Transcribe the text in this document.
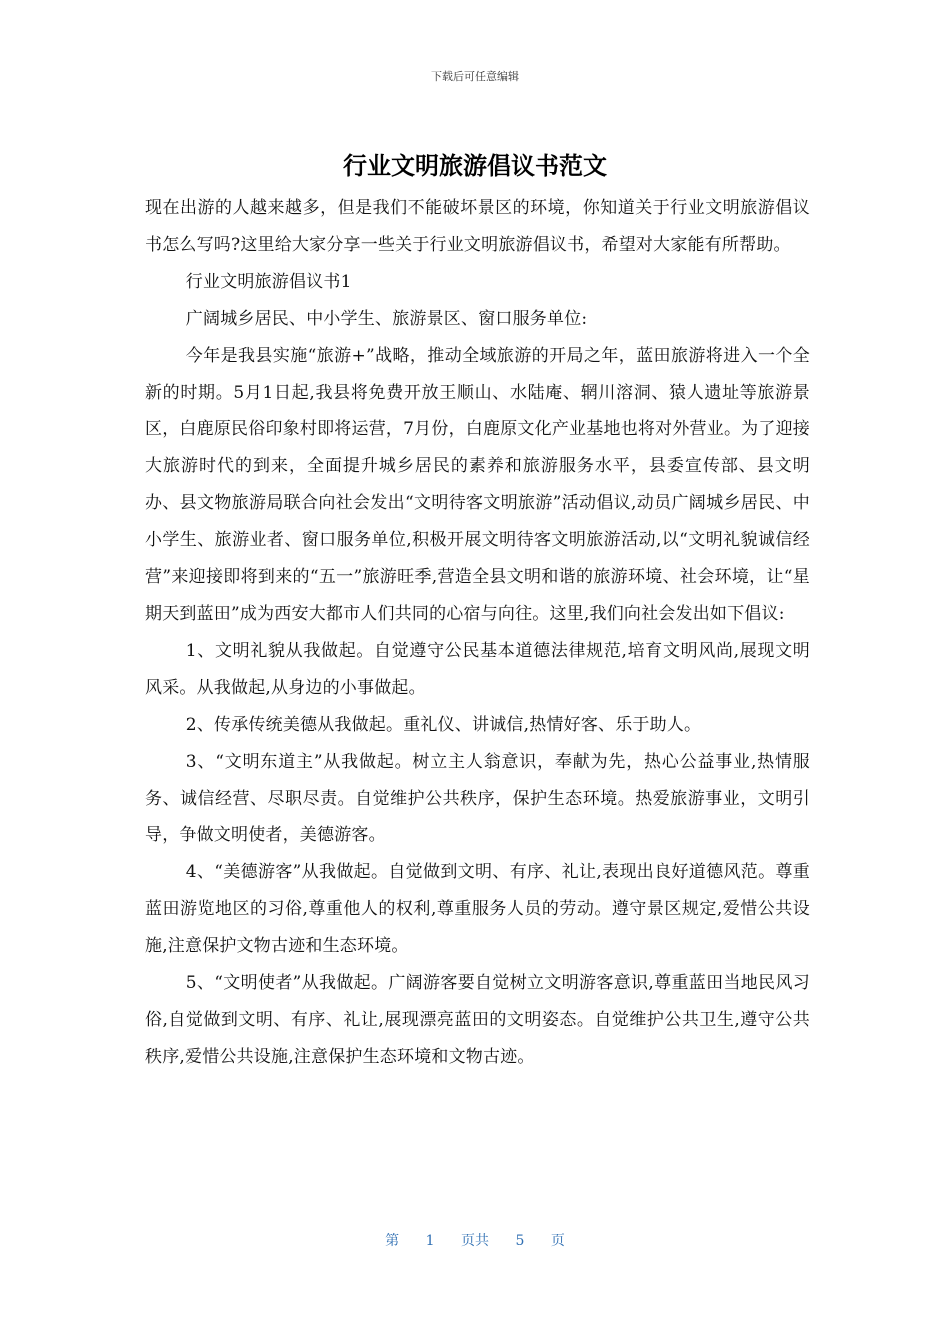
下载后可任意编辑
行业文明旅游倡议书范文

现在出游的人越来越多，但是我们不能破坏景区的环境，你知道关于行业文明旅游倡议书怎么写吗?这里给大家分享一些关于行业文明旅游倡议书，希望对大家能有所帮助。

行业文明旅游倡议书1

广阔城乡居民、中小学生、旅游景区、窗口服务单位:

今年是我县实施“旅游+”战略，推动全域旅游的开局之年，蓝田旅游将进入一个全新的时期。5月1日起,我县将免费开放王顺山、水陆庵、辋川溶洞、猿人遗址等旅游景区，白鹿原民俗印象村即将运营，7月份，白鹿原文化产业基地也将对外营业。为了迎接大旅游时代的到来，全面提升城乡居民的素养和旅游服务水平，县委宣传部、县文明办、县文物旅游局联合向社会发出“文明待客文明旅游”活动倡议,动员广阔城乡居民、中小学生、旅游业者、窗口服务单位,积极开展文明待客文明旅游活动,以“文明礼貌诚信经营”来迎接即将到来的“五一”旅游旺季,营造全县文明和谐的旅游环境、社会环境，让“星期天到蓝田”成为西安大都市人们共同的心宿与向往。这里,我们向社会发出如下倡议:

1、文明礼貌从我做起。自觉遵守公民基本道德法律规范,培育文明风尚,展现文明风采。从我做起,从身边的小事做起。

2、传承传统美德从我做起。重礼仪、讲诚信,热情好客、乐于助人。

3、“文明东道主”从我做起。树立主人翁意识，奉献为先，热心公益事业,热情服务、诚信经营、尽职尽责。自觉维护公共秩序，保护生态环境。热爱旅游事业，文明引导，争做文明使者，美德游客。

4、“美德游客”从我做起。自觉做到文明、有序、礼让,表现出良好道德风范。尊重蓝田游览地区的习俗,尊重他人的权利,尊重服务人员的劳动。遵守景区规定,爱惜公共设施,注意保护文物古迹和生态环境。

5、“文明使者”从我做起。广阔游客要自觉树立文明游客意识,尊重蓝田当地民风习俗,自觉做到文明、有序、礼让,展现漂亮蓝田的文明姿态。自觉维护公共卫生,遵守公共秩序,爱惜公共设施,注意保护生态环境和文物古迹。

第 1 页共 5 页
